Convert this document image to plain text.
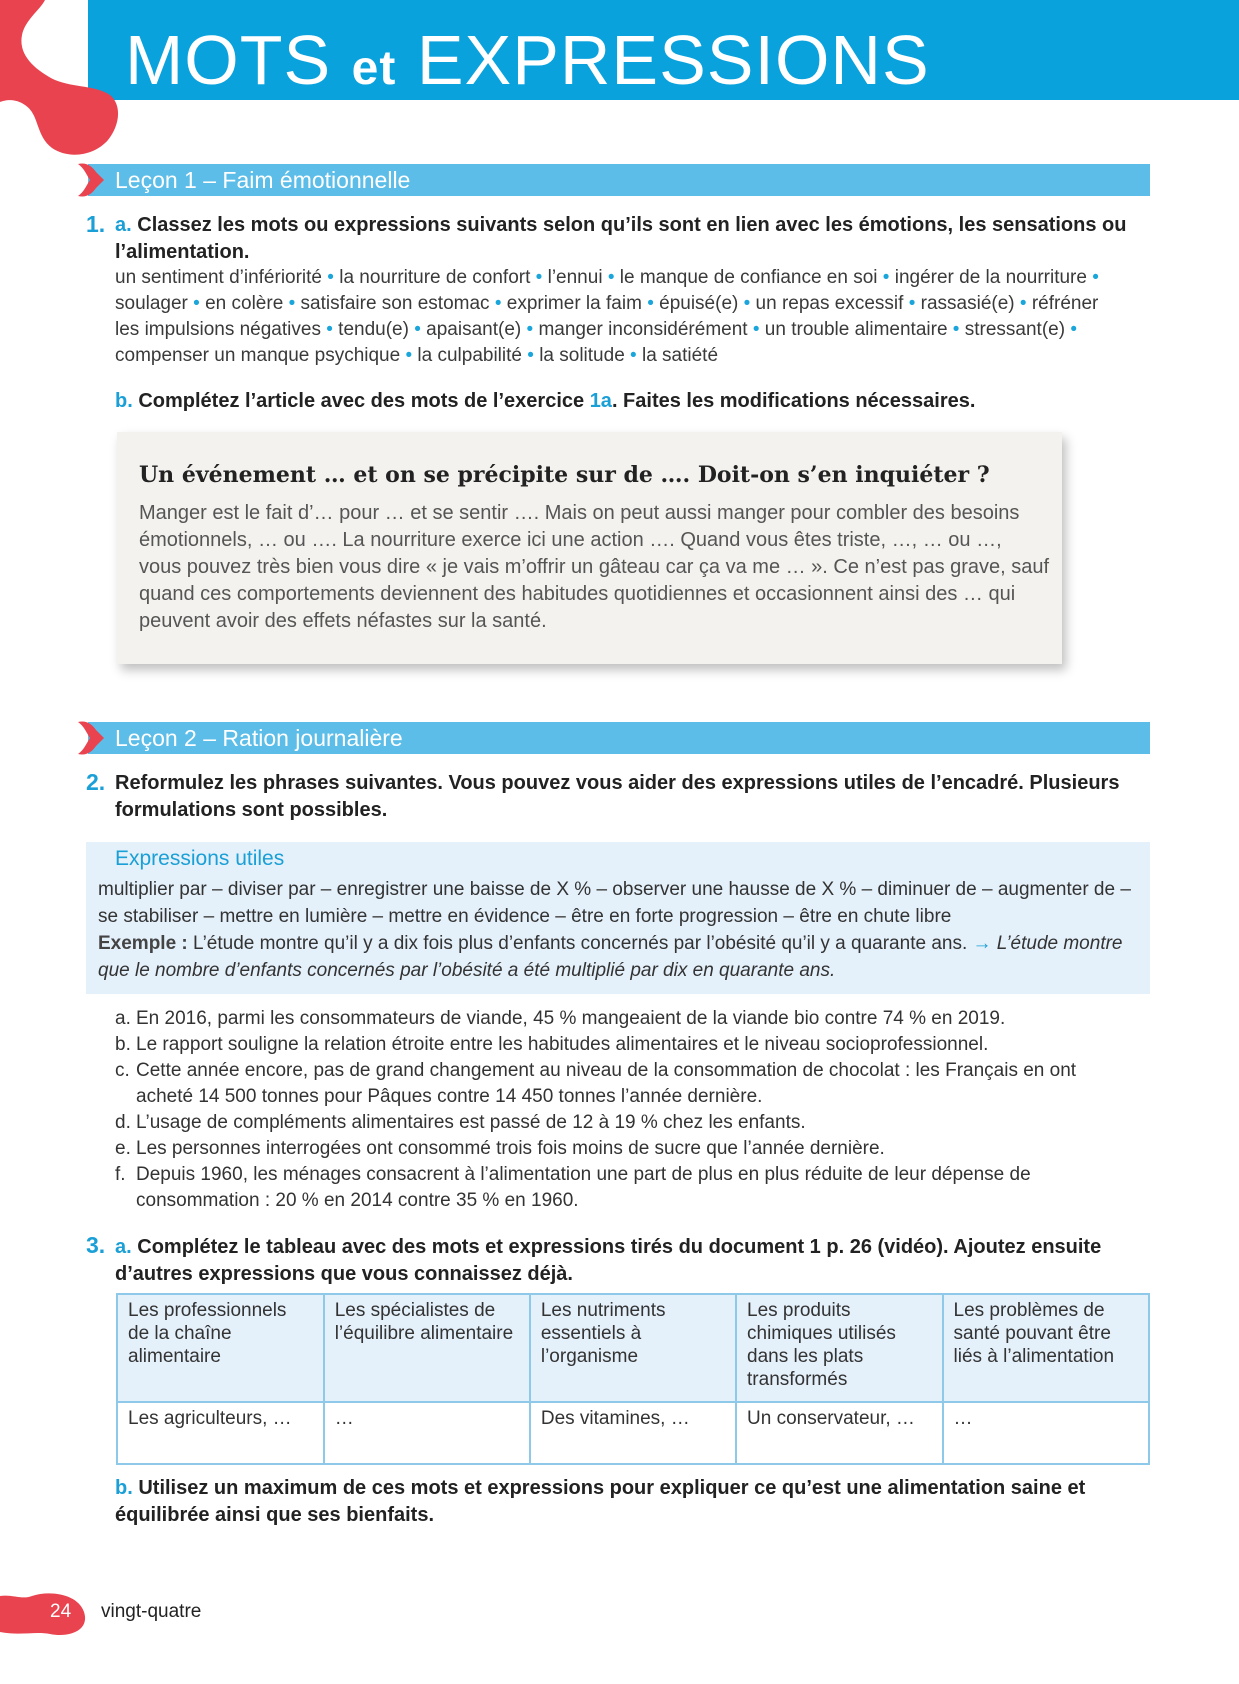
MOTS et EXPRESSIONS
Leçon 1 – Faim émotionnelle
1. a. Classez les mots ou expressions suivants selon qu’ils sont en lien avec les émotions, les sensations ou
l’alimentation.
un sentiment d’infériorité • la nourriture de confort • l’ennui • le manque de confiance en soi • ingérer de la nourriture •
soulager • en colère • satisfaire son estomac • exprimer la faim • épuisé(e) • un repas excessif • rassasié(e) • réfréner
les impulsions négatives • tendu(e) • apaisant(e) • manger inconsidérément • un trouble alimentaire • stressant(e) •
compenser un manque psychique • la culpabilité • la solitude • la satiété
b. Complétez l’article avec des mots de l’exercice 1a. Faites les modifications nécessaires.
Un événement … et on se précipite sur de …. Doit-on s’en inquiéter ?
Manger est le fait d’… pour … et se sentir …. Mais on peut aussi manger pour combler des besoins
émotionnels, … ou …. La nourriture exerce ici une action …. Quand vous êtes triste, …, … ou …,
vous pouvez très bien vous dire « je vais m’offrir un gâteau car ça va me … ». Ce n’est pas grave, sauf
quand ces comportements deviennent des habitudes quotidiennes et occasionnent ainsi des … qui
peuvent avoir des effets néfastes sur la santé.
Leçon 2 – Ration journalière
2. Reformulez les phrases suivantes. Vous pouvez vous aider des expressions utiles de l’encadré. Plusieurs
formulations sont possibles.
Expressions utiles
multiplier par – diviser par – enregistrer une baisse de X % – observer une hausse de X % – diminuer de – augmenter de –
se stabiliser – mettre en lumière – mettre en évidence – être en forte progression – être en chute libre
Exemple : L’étude montre qu’il y a dix fois plus d’enfants concernés par l’obésité qu’il y a quarante ans. → L’étude montre que le nombre d’enfants concernés par l’obésité a été multiplié par dix en quarante ans.
a. En 2016, parmi les consommateurs de viande, 45 % mangeaient de la viande bio contre 74 % en 2019.
b. Le rapport souligne la relation étroite entre les habitudes alimentaires et le niveau socioprofessionnel.
c. Cette année encore, pas de grand changement au niveau de la consommation de chocolat : les Français en ont
acheté 14 500 tonnes pour Pâques contre 14 450 tonnes l’année dernière.
d. L’usage de compléments alimentaires est passé de 12 à 19 % chez les enfants.
e. Les personnes interrogées ont consommé trois fois moins de sucre que l’année dernière.
f. Depuis 1960, les ménages consacrent à l’alimentation une part de plus en plus réduite de leur dépense de
consommation : 20 % en 2014 contre 35 % en 1960.
3. a. Complétez le tableau avec des mots et expressions tirés du document 1 p. 26 (vidéo). Ajoutez ensuite
d’autres expressions que vous connaissez déjà.
Les professionnels de la chaîne alimentaire	Les spécialistes de l’équilibre alimentaire	Les nutriments essentiels à l’organisme	Les produits chimiques utilisés dans les plats transformés	Les problèmes de santé pouvant être liés à l’alimentation
Les agriculteurs, …	…	Des vitamines, …	Un conservateur, …	…
b. Utilisez un maximum de ces mots et expressions pour expliquer ce qu’est une alimentation saine et
équilibrée ainsi que ses bienfaits.
24 vingt-quatre
